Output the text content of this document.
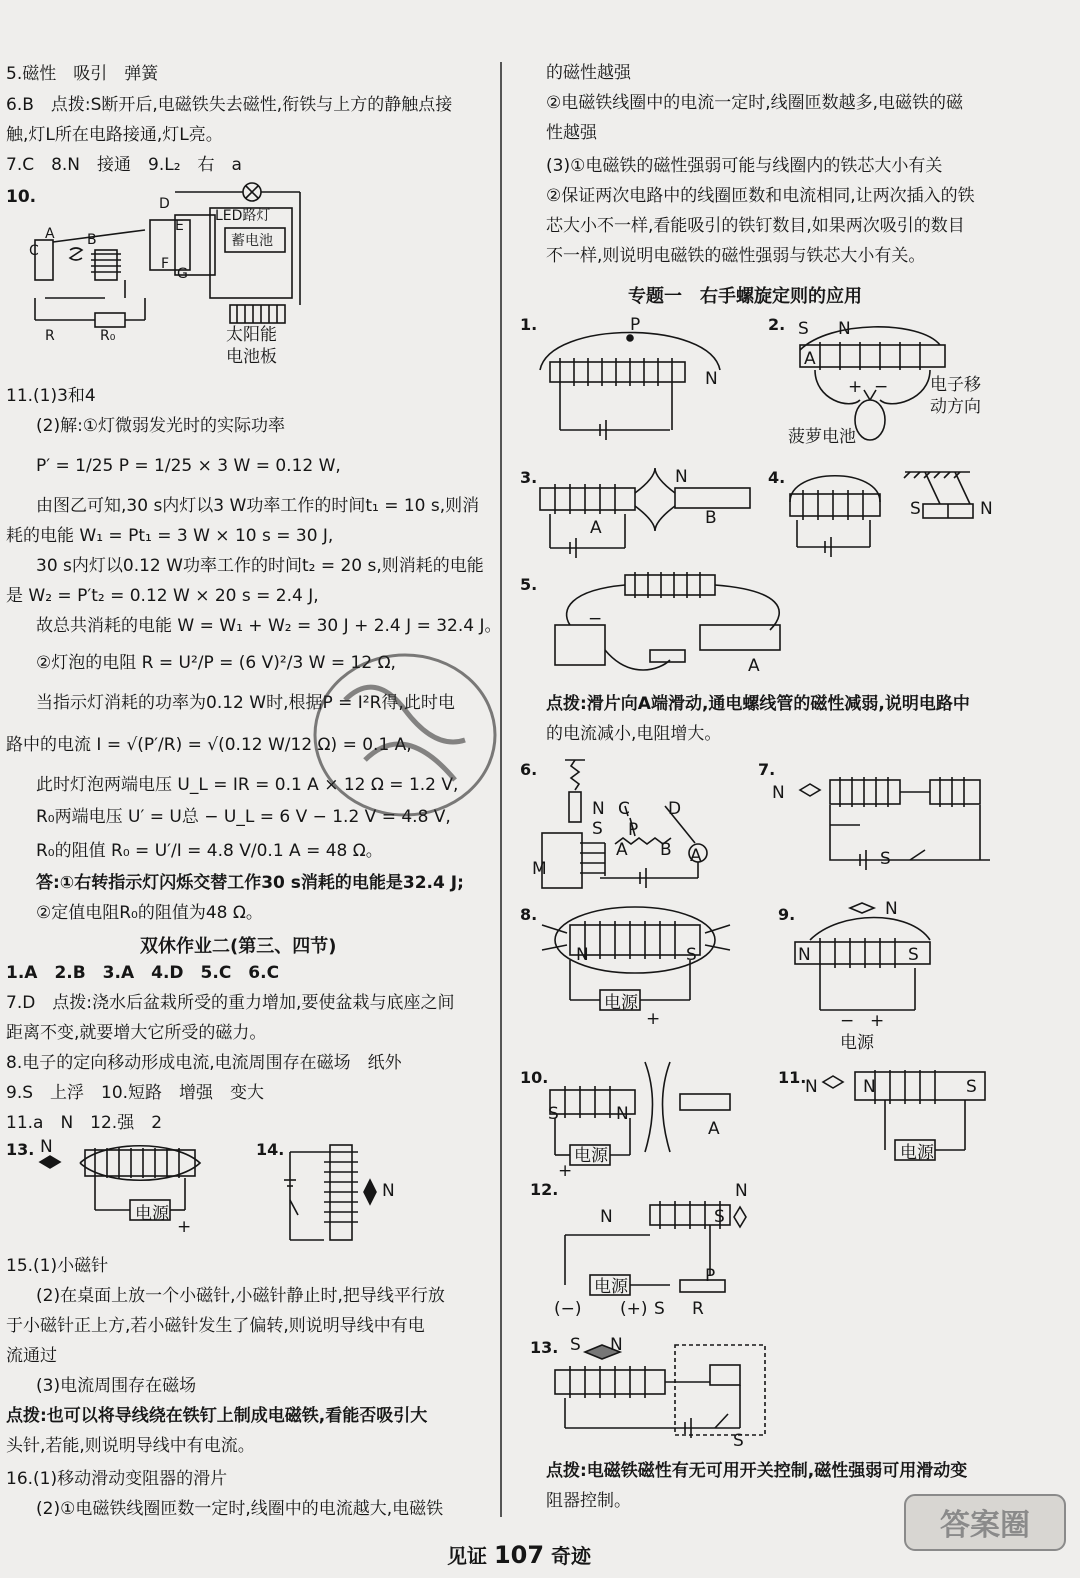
5.磁性　吸引　弹簧
6.B　点拨:S断开后,电磁铁失去磁性,衔铁与上方的静触点接
触,灯L所在电路接通,灯L亮。
7.C　8.N　接通　9.L₂　右　a
10.
C
B
A
D
E
F
G
LED路灯
蓄电池
R	R₀	太阳能
电池板
11.(1)3和4
(2)解:①灯微弱发光时的实际功率
P′ = 1/25 P = 1/25 × 3 W = 0.12 W,
由图乙可知,30 s内灯以3 W功率工作的时间t₁ = 10 s,则消
耗的电能 W₁ = Pt₁ = 3 W × 10 s = 30 J,
30 s内灯以0.12 W功率工作的时间t₂ = 20 s,则消耗的电能
是 W₂ = P′t₂ = 0.12 W × 20 s = 2.4 J,
故总共消耗的电能 W = W₁ + W₂ = 30 J + 2.4 J = 32.4 J。
②灯泡的电阻 R = U²/P = (6 V)²/3 W = 12 Ω,
当指示灯消耗的功率为0.12 W时,根据P = I²R得,此时电
路中的电流 I = √(P′/R) = √(0.12 W/12 Ω) = 0.1 A,
此时灯泡两端电压 U_L = IR = 0.1 A × 12 Ω = 1.2 V,
R₀两端电压 U′ = U总 − U_L = 6 V − 1.2 V = 4.8 V,
R₀的阻值 R₀ = U′/I = 4.8 V/0.1 A = 48 Ω。
答:①右转指示灯闪烁交替工作30 s消耗的电能是32.4 J;
②定值电阻R₀的阻值为48 Ω。
双休作业二(第三、四节)
1.A　2.B　3.A　4.D　5.C　6.C
7.D　点拨:浇水后盆栽所受的重力增加,要使盆栽与底座之间
距离不变,就要增大它所受的磁力。
8.电子的定向移动形成电流,电流周围存在磁场　纸外
9.S　上浮　10.短路　增强　变大
11.a　N　12.强　2
13. N
电源
+
14.
N
15.(1)小磁针
(2)在桌面上放一个小磁针,小磁针静止时,把导线平行放
于小磁针正上方,若小磁针发生了偏转,则说明导线中有电
流通过
(3)电流周围存在磁场
点拨:也可以将导线绕在铁钉上制成电磁铁,看能否吸引大
头针,若能,则说明导线中有电流。
16.(1)移动滑动变阻器的滑片
(2)①电磁铁线圈匝数一定时,线圈中的电流越大,电磁铁
的磁性越强
②电磁铁线圈中的电流一定时,线圈匝数越多,电磁铁的磁
性越强
(3)①电磁铁的磁性强弱可能与线圈内的铁芯大小有关
②保证两次电路中的线圈匝数和电流相同,让两次插入的铁
芯大小不一样,看能吸引的铁钉数目,如果两次吸引的数目
不一样,则说明电磁铁的磁性强弱与铁芯大小有关。
专题一　右手螺旋定则的应用
1.	P
N
2. S N
A
+ − 电子移
动方向
菠萝电池
3.	N
A	B
4.
S	N
5.
−
A
点拨:滑片向A端滑动,通电螺线管的磁性减弱,说明电路中
的电流减小,电阻增大。
6.
N
S
C D
P
A B
M
A
7.
N
S
8.
N	S
电源
+
9.	N
N	S
− +
电源
10.
S	N
电源
+
A
11.
N	N	S
电源
12.
N	S
N
P
电源
(−) (+) S R
13. S N
S
点拨:电磁铁磁性有无可用开关控制,磁性强弱可用滑动变
阻器控制。
见证 107 奇迹
答案圈
